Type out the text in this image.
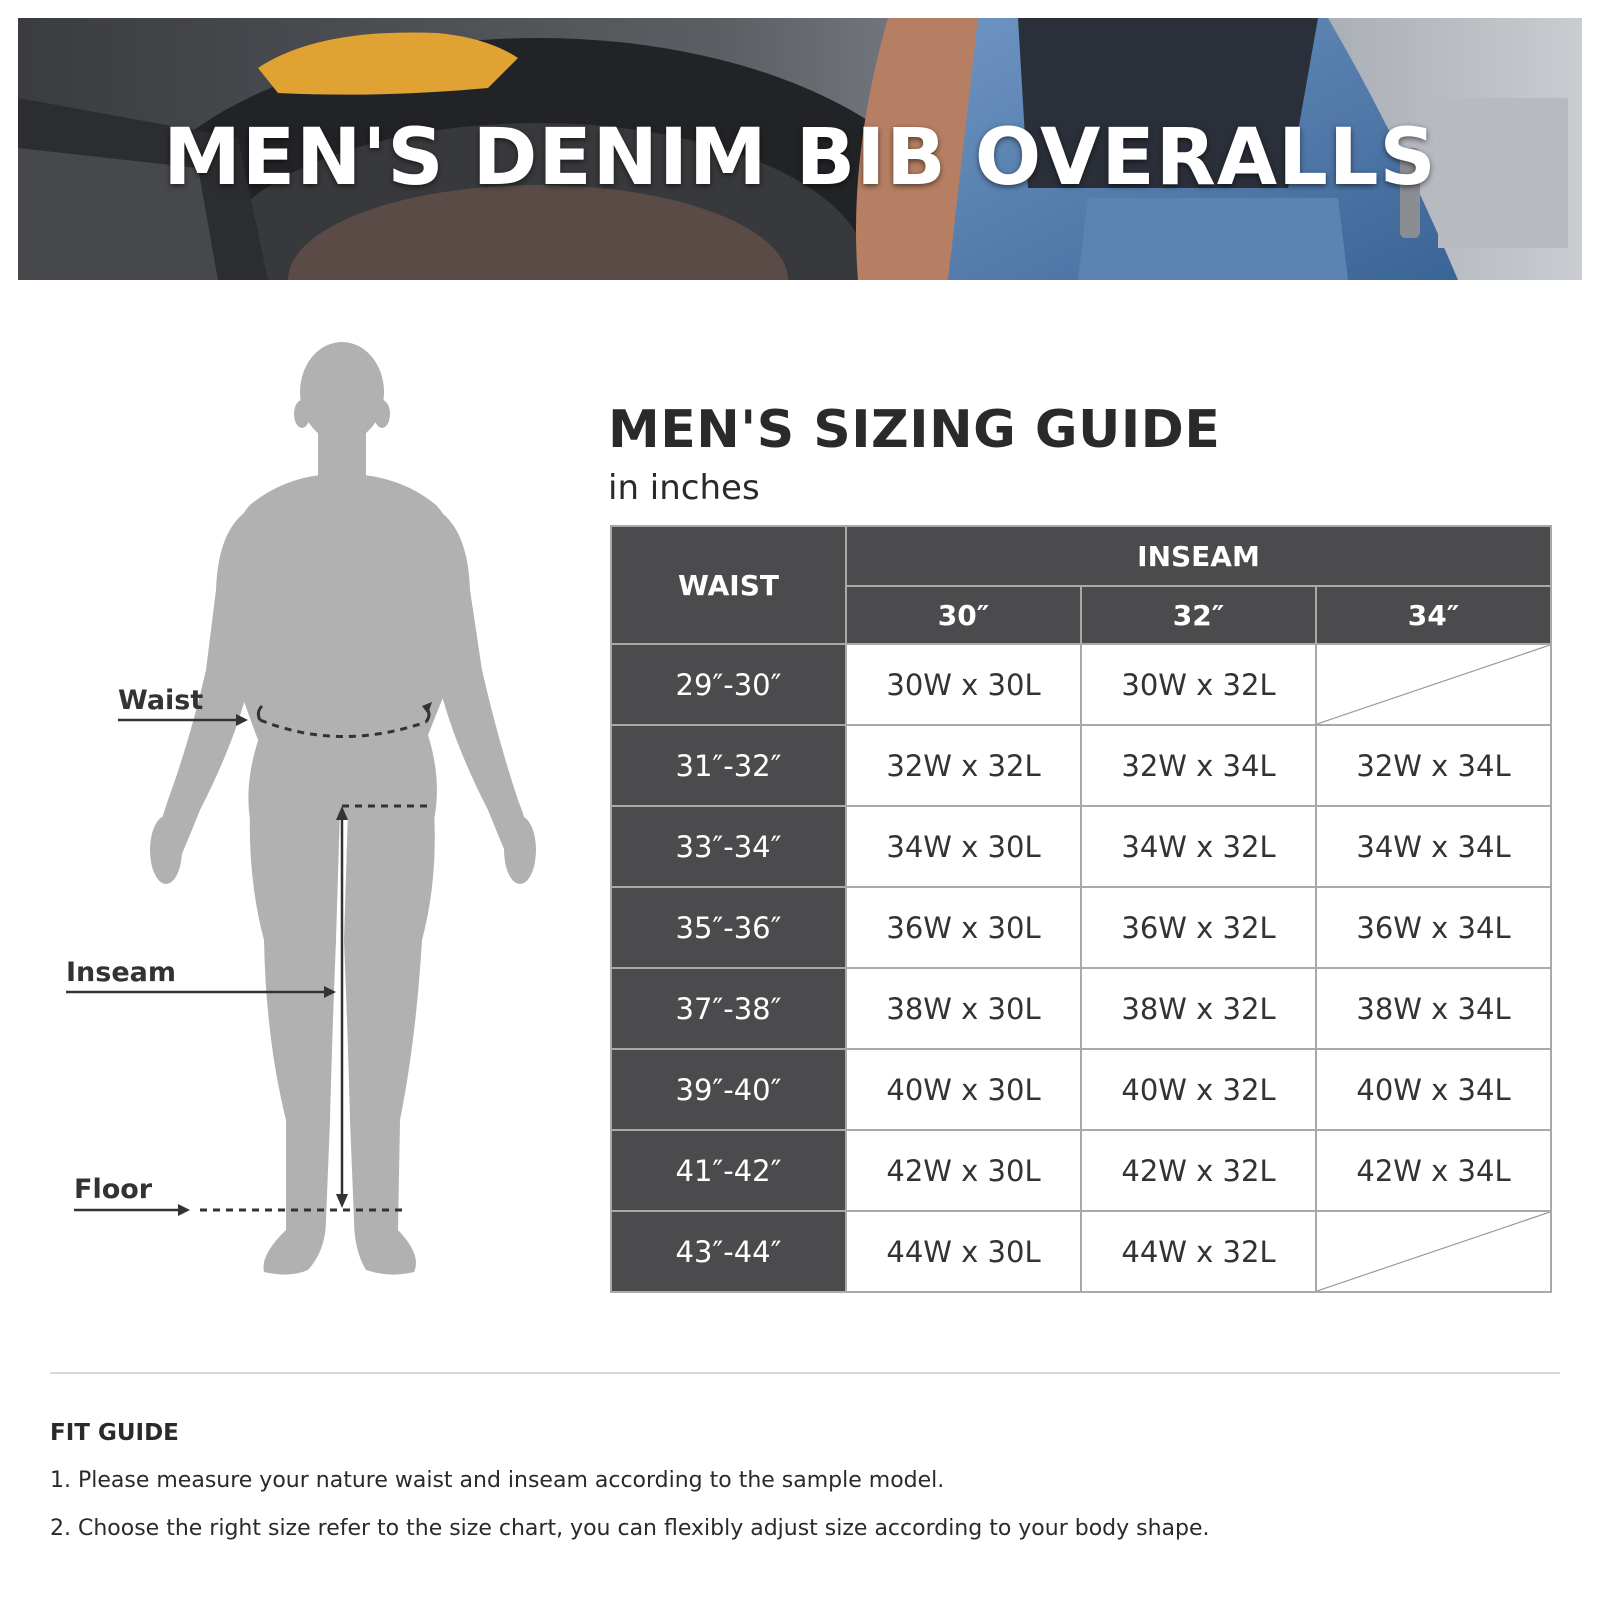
MEN'S DENIM BIB OVERALLS
Waist
Inseam
Floor
MEN'S SIZING GUIDE
in inches
WAIST	INSEAM		
	30″	32″	34″
29″-30″	30W x 30L	30W x 32L	

31″-32″	32W x 32L	32W x 34L	32W x 34L
33″-34″	34W x 30L	34W x 32L	34W x 34L
35″-36″	36W x 30L	36W x 32L	36W x 34L
37″-38″	38W x 30L	38W x 32L	38W x 34L
39″-40″	40W x 30L	40W x 32L	40W x 34L
41″-42″	42W x 30L	42W x 32L	42W x 34L
43″-44″	44W x 30L	44W x 32L	
FIT GUIDE
1. Please measure your nature waist and inseam according to the sample model.
2. Choose the right size refer to the size chart, you can flexibly adjust size according to your body shape.
